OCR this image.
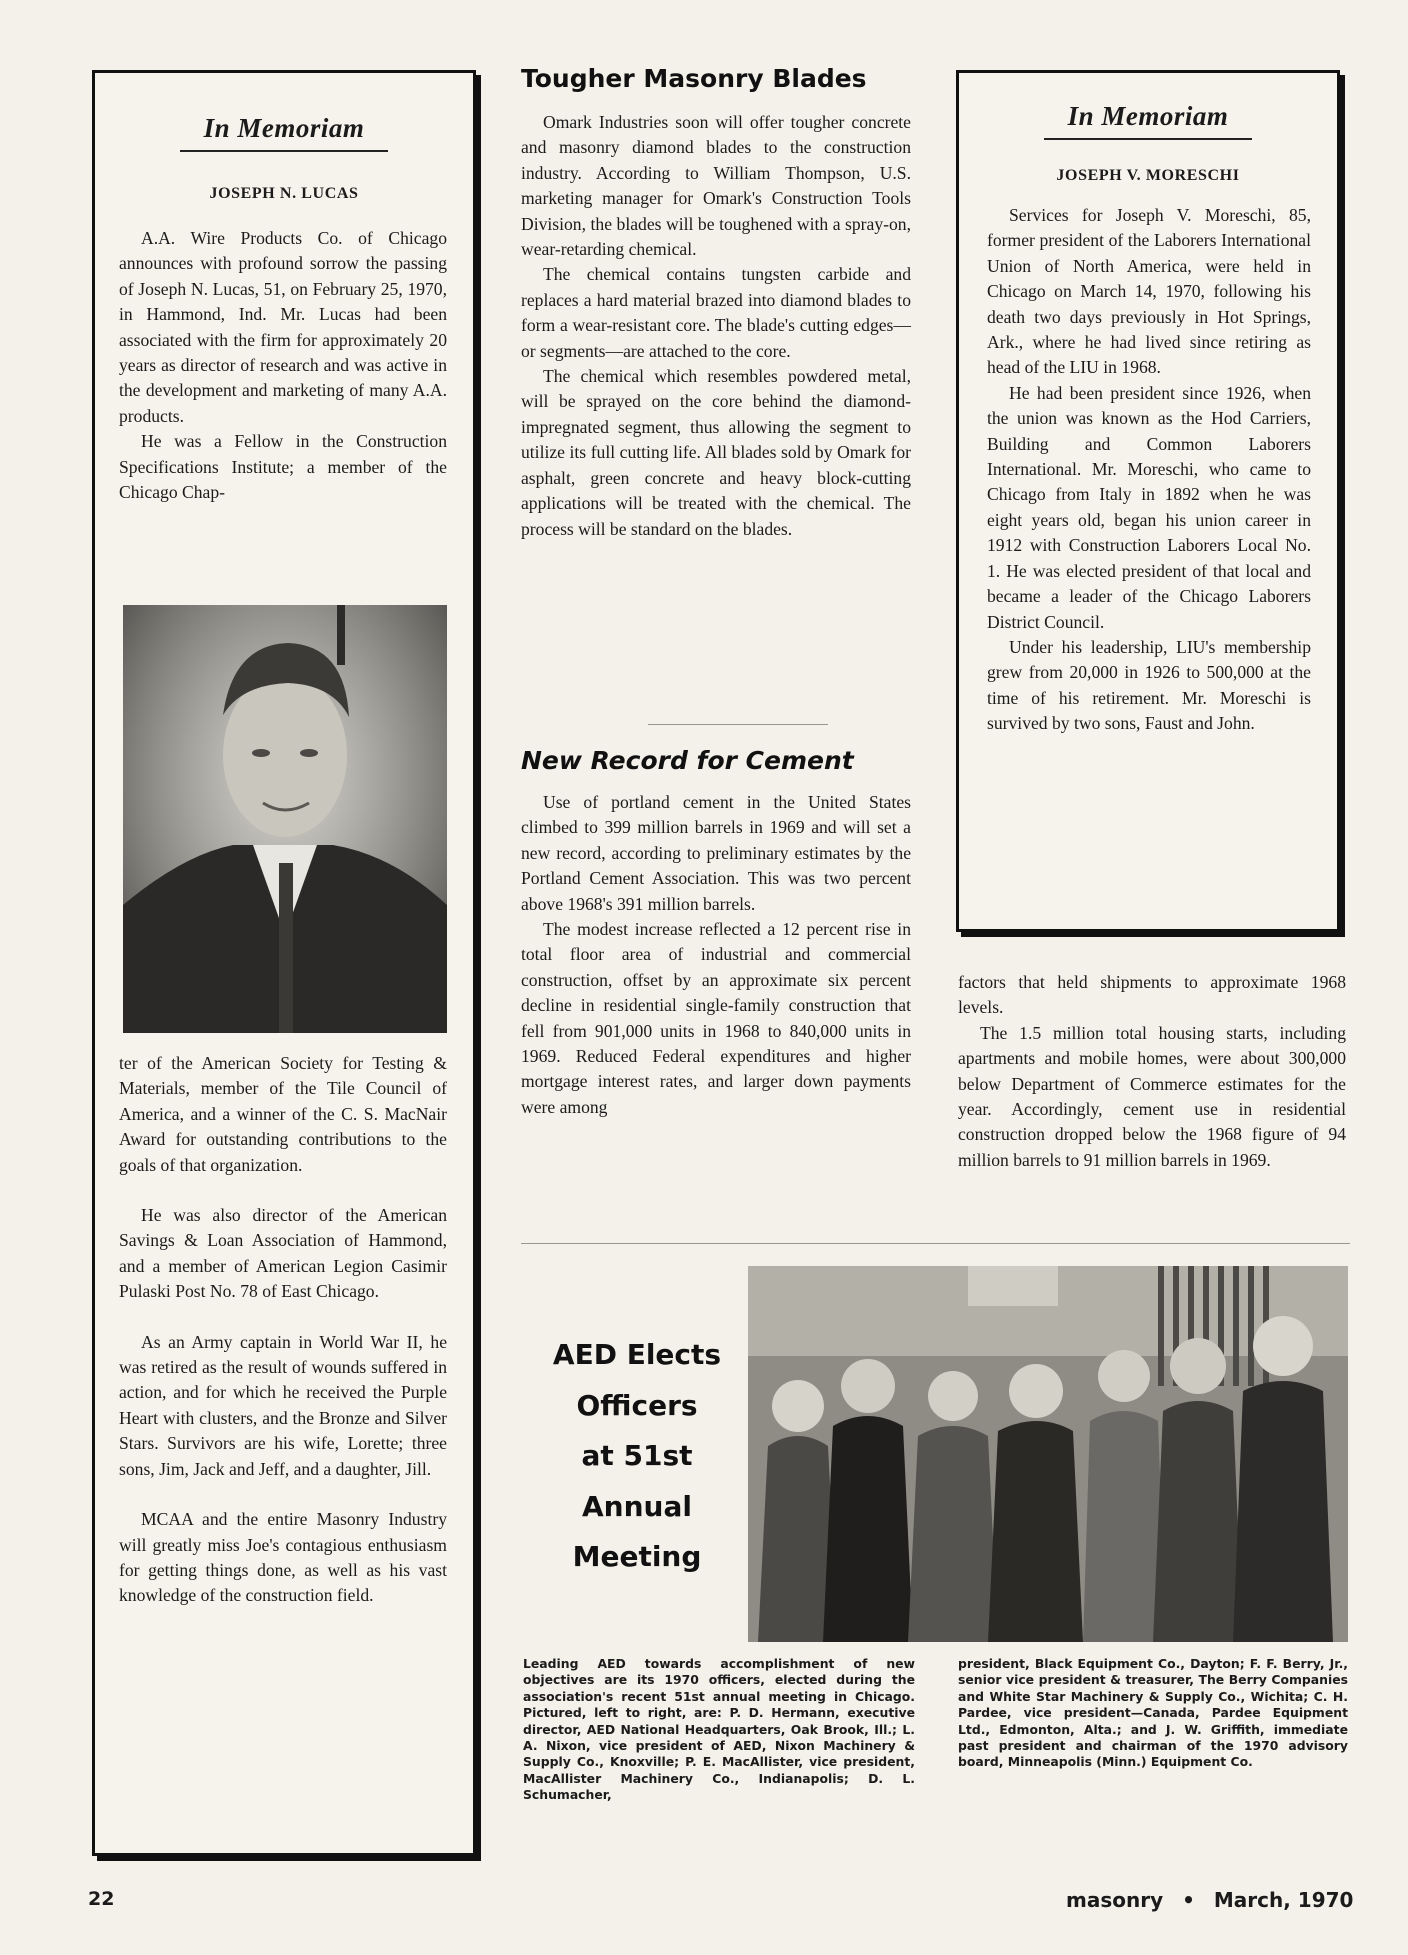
In Memoriam

JOSEPH N. LUCAS

A.A. Wire Products Co. of Chicago announces with profound sorrow the passing of Joseph N. Lucas, 51, on February 25, 1970, in Hammond, Ind. Mr. Lucas had been associated with the firm for approximately 20 years as director of research and was active in the development and marketing of many A.A. products.

He was a Fellow in the Construction Specifications Institute; a member of the Chicago Chap-

ter of the American Society for Testing & Materials, member of the Tile Council of America, and a winner of the C. S. MacNair Award for outstanding contributions to the goals of that organization.

He was also director of the American Savings & Loan Association of Hammond, and a member of American Legion Casimir Pulaski Post No. 78 of East Chicago.

As an Army captain in World War II, he was retired as the result of wounds suffered in action, and for which he received the Purple Heart with clusters, and the Bronze and Silver Stars. Survivors are his wife, Lorette; three sons, Jim, Jack and Jeff, and a daughter, Jill.

MCAA and the entire Masonry Industry will greatly miss Joe's contagious enthusiasm for getting things done, as well as his vast knowledge of the construction field.

Tougher Masonry Blades

Omark Industries soon will offer tougher concrete and masonry diamond blades to the construction industry. According to William Thompson, U.S. marketing manager for Omark's Construction Tools Division, the blades will be toughened with a spray-on, wear-retarding chemical.

The chemical contains tungsten carbide and replaces a hard material brazed into diamond blades to form a wear-resistant core. The blade's cutting edges—or segments—are attached to the core.

The chemical which resembles powdered metal, will be sprayed on the core behind the diamond-impregnated segment, thus allowing the segment to utilize its full cutting life. All blades sold by Omark for asphalt, green concrete and heavy block-cutting applications will be treated with the chemical. The process will be standard on the blades.

New Record for Cement

Use of portland cement in the United States climbed to 399 million barrels in 1969 and will set a new record, according to preliminary estimates by the Portland Cement Association. This was two percent above 1968's 391 million barrels.

The modest increase reflected a 12 percent rise in total floor area of industrial and commercial construction, offset by an approximate six percent decline in residential single-family construction that fell from 901,000 units in 1968 to 840,000 units in 1969. Reduced Federal expenditures and higher mortgage interest rates, and larger down payments were among

In Memoriam

JOSEPH V. MORESCHI

Services for Joseph V. Moreschi, 85, former president of the Laborers International Union of North America, were held in Chicago on March 14, 1970, following his death two days previously in Hot Springs, Ark., where he had lived since retiring as head of the LIU in 1968.

He had been president since 1926, when the union was known as the Hod Carriers, Building and Common Laborers International. Mr. Moreschi, who came to Chicago from Italy in 1892 when he was eight years old, began his union career in 1912 with Construction Laborers Local No. 1. He was elected president of that local and became a leader of the Chicago Laborers District Council.

Under his leadership, LIU's membership grew from 20,000 in 1926 to 500,000 at the time of his retirement. Mr. Moreschi is survived by two sons, Faust and John.

factors that held shipments to approximate 1968 levels.

The 1.5 million total housing starts, including apartments and mobile homes, were about 300,000 below Department of Commerce estimates for the year. Accordingly, cement use in residential construction dropped below the 1968 figure of 94 million barrels to 91 million barrels in 1969.

AED Elects
Officers
at 51st
Annual
Meeting

Leading AED towards accomplishment of new objectives are its 1970 officers, elected during the association's recent 51st annual meeting in Chicago. Pictured, left to right, are: P. D. Hermann, executive director, AED National Headquarters, Oak Brook, Ill.; L. A. Nixon, vice president of AED, Nixon Machinery & Supply Co., Knoxville; P. E. MacAllister, vice president, MacAllister Machinery Co., Indianapolis; D. L. Schumacher,

president, Black Equipment Co., Dayton; F. F. Berry, Jr., senior vice president & treasurer, The Berry Companies and White Star Machinery & Supply Co., Wichita; C. H. Pardee, vice president—Canada, Pardee Equipment Ltd., Edmonton, Alta.; and J. W. Griffith, immediate past president and chairman of the 1970 advisory board, Minneapolis (Minn.) Equipment Co.

22	masonry • March, 1970
